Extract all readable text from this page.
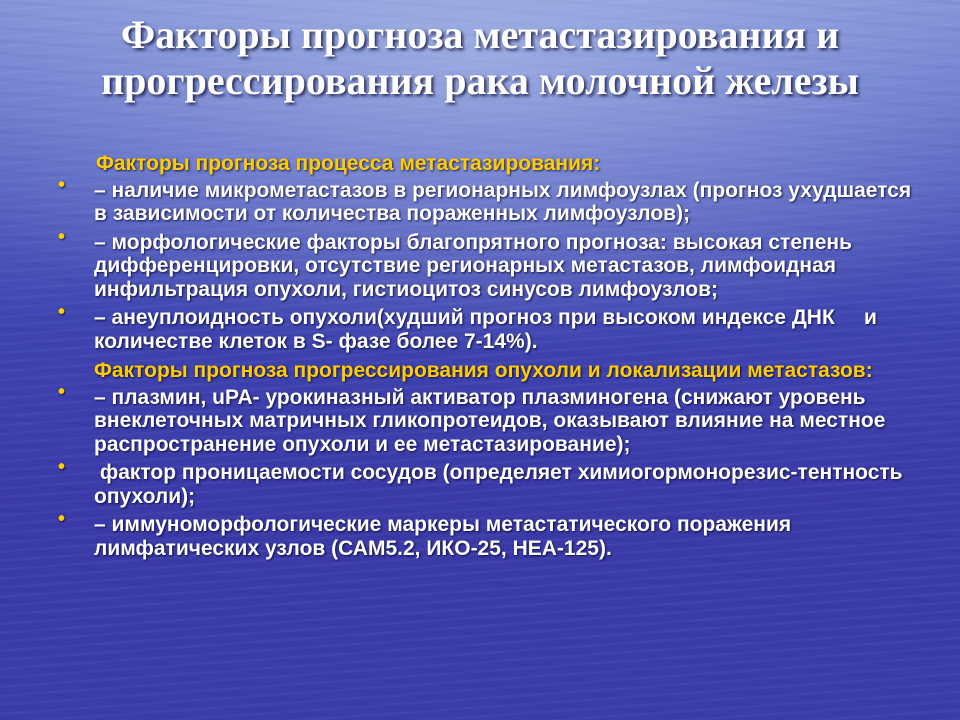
Факторы прогноза метастазирования и прогрессирования рака молочной железы
Факторы прогноза процесса метастазирования:
• – наличие микрометастазов в регионарных лимфоузлах (прогноз ухудшается в зависимости от количества пораженных лимфоузлов);
• – морфологические факторы благопрятного прогноза: высокая степень дифференцировки, отсутствие регионарных метастазов, лимфоидная инфильтрация опухоли, гистиоцитоз синусов лимфоузлов;
• – анеуплоидность опухоли(худший прогноз при высоком индексе ДНК     и количестве клеток в S- фазе более 7-14%).
Факторы прогноза прогрессирования опухоли и локализации метастазов:
• – плазмин, uPA- урокиназный активатор плазминогена (снижают уровень внеклеточных матричных гликопротеидов, оказывают влияние на местное распространение опухоли и ее метастазирование);
• фактор проницаемости сосудов (определяет химиогормонорезис-тентность опухоли);
• – иммуноморфологические маркеры метастатического поражения лимфатических узлов (САМ5.2, ИКО-25, НЕА-125).
